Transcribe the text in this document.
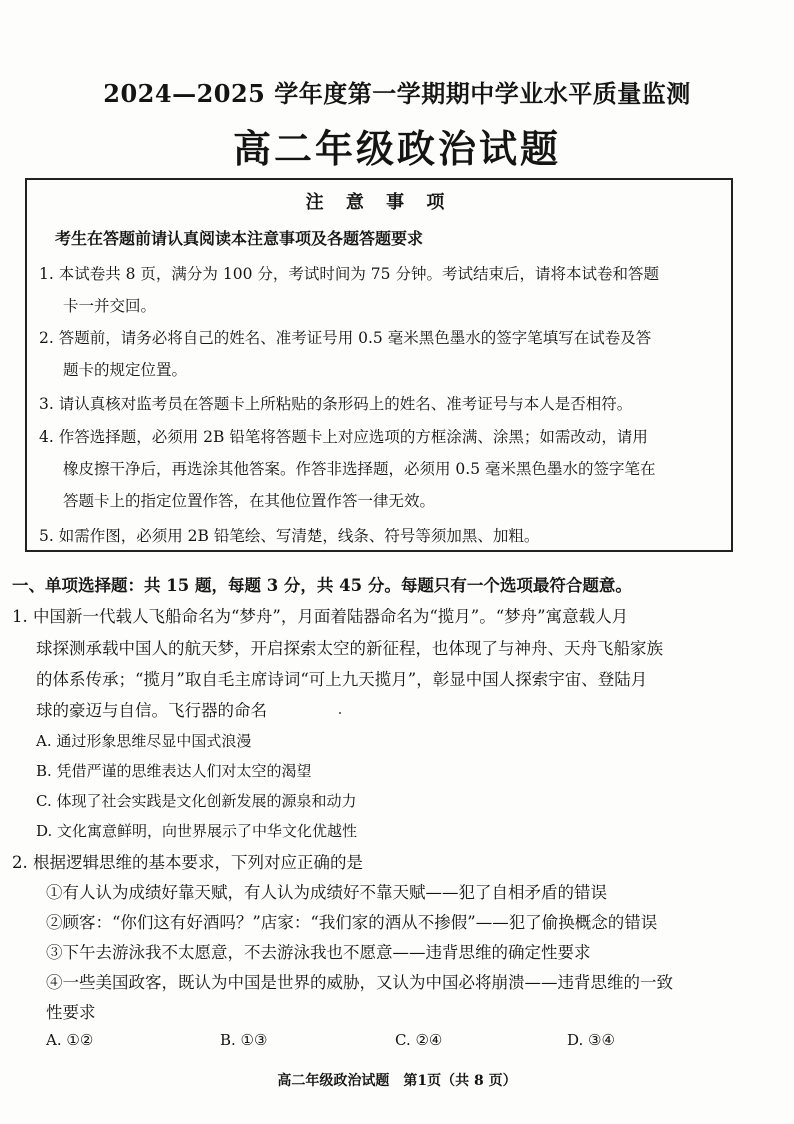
2024—2025 学年度第一学期期中学业水平质量监测
高二年级政治试题
注 意 事 项
考生在答题前请认真阅读本注意事项及各题答题要求
1. 本试卷共 8 页，满分为 100 分，考试时间为 75 分钟。考试结束后，请将本试卷和答题
卡一并交回。
2. 答题前，请务必将自己的姓名、准考证号用 0.5 毫米黑色墨水的签字笔填写在试卷及答
题卡的规定位置。
3. 请认真核对监考员在答题卡上所粘贴的条形码上的姓名、准考证号与本人是否相符。
4. 作答选择题，必须用 2B 铅笔将答题卡上对应选项的方框涂满、涂黑；如需改动，请用
橡皮擦干净后，再选涂其他答案。作答非选择题，必须用 0.5 毫米黑色墨水的签字笔在
答题卡上的指定位置作答，在其他位置作答一律无效。
5. 如需作图，必须用 2B 铅笔绘、写清楚，线条、符号等须加黑、加粗。
一、单项选择题：共 15 题，每题 3 分，共 45 分。每题只有一个选项最符合题意。
1. 中国新一代载人飞船命名为“梦舟”，月面着陆器命名为“揽月”。“梦舟”寓意载人月
球探测承载中国人的航天梦，开启探索太空的新征程，也体现了与神舟、天舟飞船家族
的体系传承；“揽月”取自毛主席诗词“可上九天揽月”，彰显中国人探索宇宙、登陆月
球的豪迈与自信。飞行器的命名
A. 通过形象思维尽显中国式浪漫
B. 凭借严谨的思维表达人们对太空的渴望
C. 体现了社会实践是文化创新发展的源泉和动力
D. 文化寓意鲜明，向世界展示了中华文化优越性
2. 根据逻辑思维的基本要求，下列对应正确的是
①有人认为成绩好靠天赋，有人认为成绩好不靠天赋——犯了自相矛盾的错误
②顾客：“你们这有好酒吗？”店家：“我们家的酒从不掺假”——犯了偷换概念的错误
③下午去游泳我不太愿意，不去游泳我也不愿意——违背思维的确定性要求
④一些美国政客，既认为中国是世界的威胁，又认为中国必将崩溃——违背思维的一致
性要求
A. ①②	B. ①③	C. ②④	D. ③④
高二年级政治试题　第1页（共 8 页）
